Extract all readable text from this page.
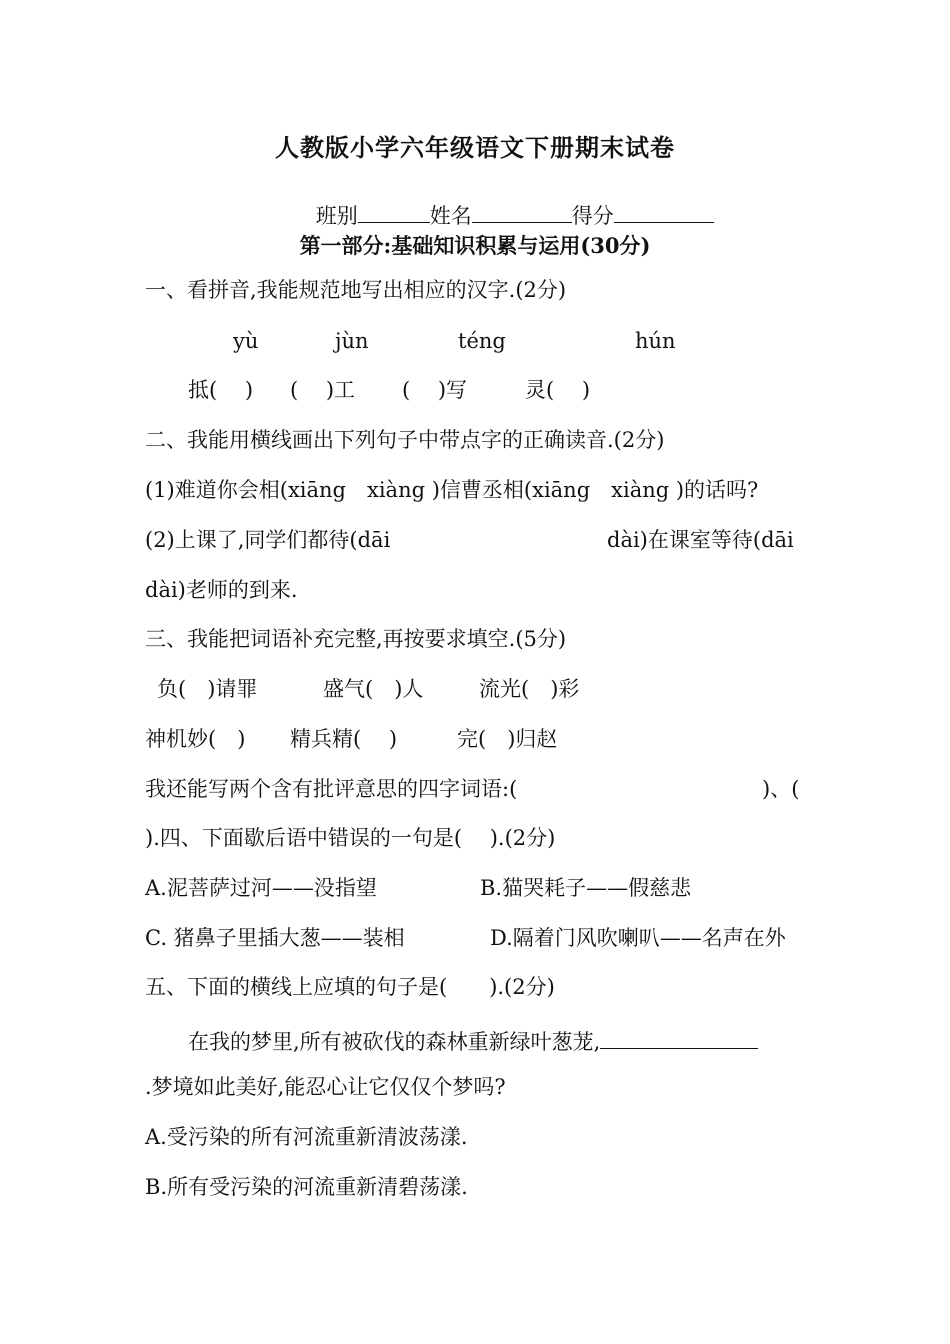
人教版小学六年级语文下册期末试卷

班别	姓名	得分

第一部分:基础知识积累与运用(30分)
一、看拼音,我能规范地写出相应的汉字.(2分)
yù	jùn	téng	hún
抵(　 ) (　 )工 (　 )写	灵(　 )
二、我能用横线画出下列句子中带点字的正确读音.(2分)
(1)难道你会相(xiāng　xiàng )信曹丞相(xiāng　xiàng )的话吗?
(2)上课了,同学们都待(dāi	dài)在课室等待(dāi
dài)老师的到来.
三、我能把词语补充完整,再按要求填空.(5分)
负(　)请罪	盛气(　)人	流光(　)彩
神机妙(　) 精兵精(　 )	完(　)归赵
我还能写两个含有批评意思的四字词语:(	)、(
).四、下面歇后语中错误的一句是(　 ).(2分)
A.泥菩萨过河——没指望	B.猫哭耗子——假慈悲
C. 猪鼻子里插大葱——装相	D.隔着门风吹喇叭——名声在外
五、下面的横线上应填的句子是(　　).(2分)
在我的梦里,所有被砍伐的森林重新绿叶葱茏,
.梦境如此美好,能忍心让它仅仅个梦吗?
A.受污染的所有河流重新清波荡漾.
B.所有受污染的河流重新清碧荡漾.
